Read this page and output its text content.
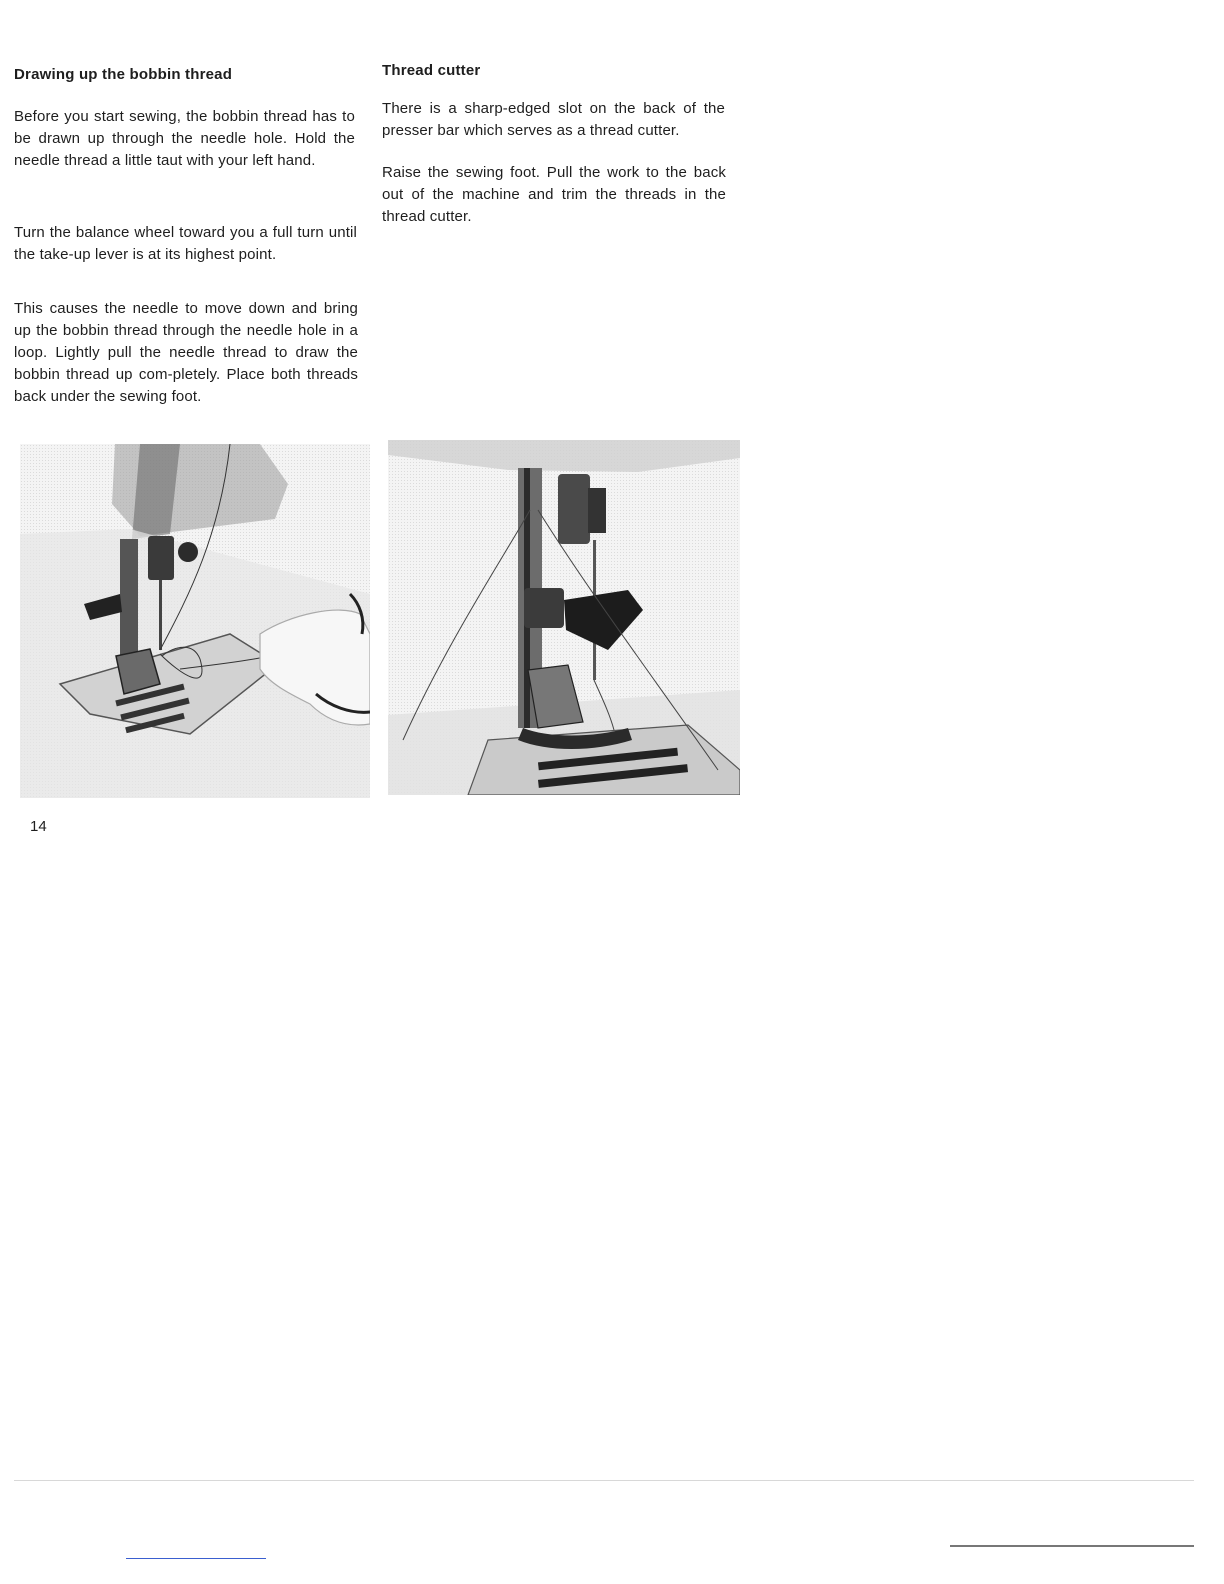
Drawing up the bobbin thread

Before you start sewing, the bobbin thread has to be drawn up through the needle hole. Hold the needle thread a little taut with your left hand.

Turn the balance wheel toward you a full turn until the take-up lever is at its highest point.

This causes the needle to move down and bring up the bobbin thread through the needle hole in a loop. Lightly pull the needle thread to draw the bobbin thread up com-pletely. Place both threads back under the sewing foot.

Thread cutter

There is a sharp-edged slot on the back of the presser bar which serves as a thread cutter.

Raise the sewing foot. Pull the work to the back out of the machine and trim the threads in the thread cutter.

14
